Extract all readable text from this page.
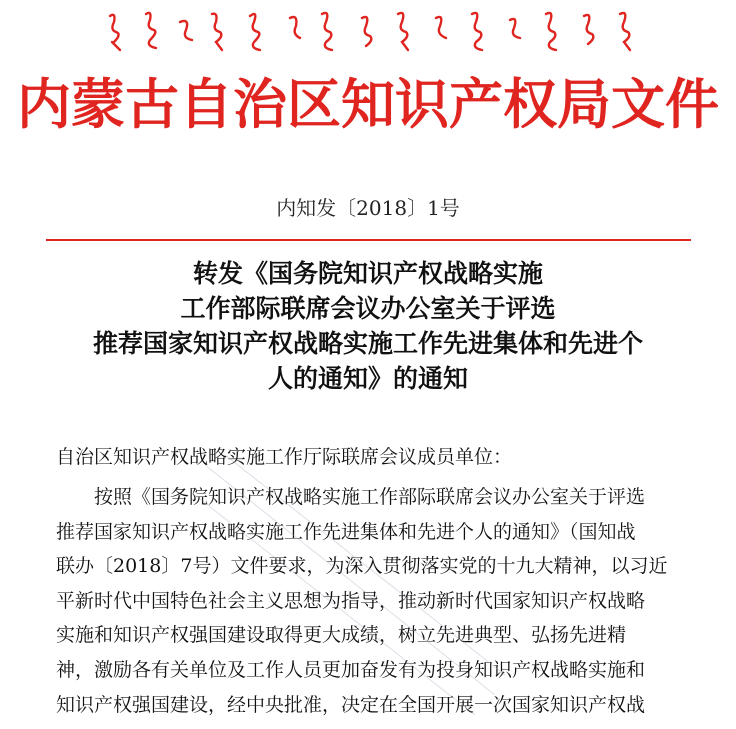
内蒙古自治区知识产权局文件
内知发〔2018〕1号
转发《国务院知识产权战略实施
工作部际联席会议办公室关于评选
推荐国家知识产权战略实施工作先进集体和先进个
人的通知》的通知
自治区知识产权战略实施工作厅际联席会议成员单位：
按照《国务院知识产权战略实施工作部际联席会议办公室关于评选
推荐国家知识产权战略实施工作先进集体和先进个人的通知》（国知战
联办〔2018〕7号）文件要求，为深入贯彻落实党的十九大精神，以习近
平新时代中国特色社会主义思想为指导，推动新时代国家知识产权战略
实施和知识产权强国建设取得更大成绩，树立先进典型、弘扬先进精
神，激励各有关单位及工作人员更加奋发有为投身知识产权战略实施和
知识产权强国建设，经中央批准，决定在全国开展一次国家知识产权战
